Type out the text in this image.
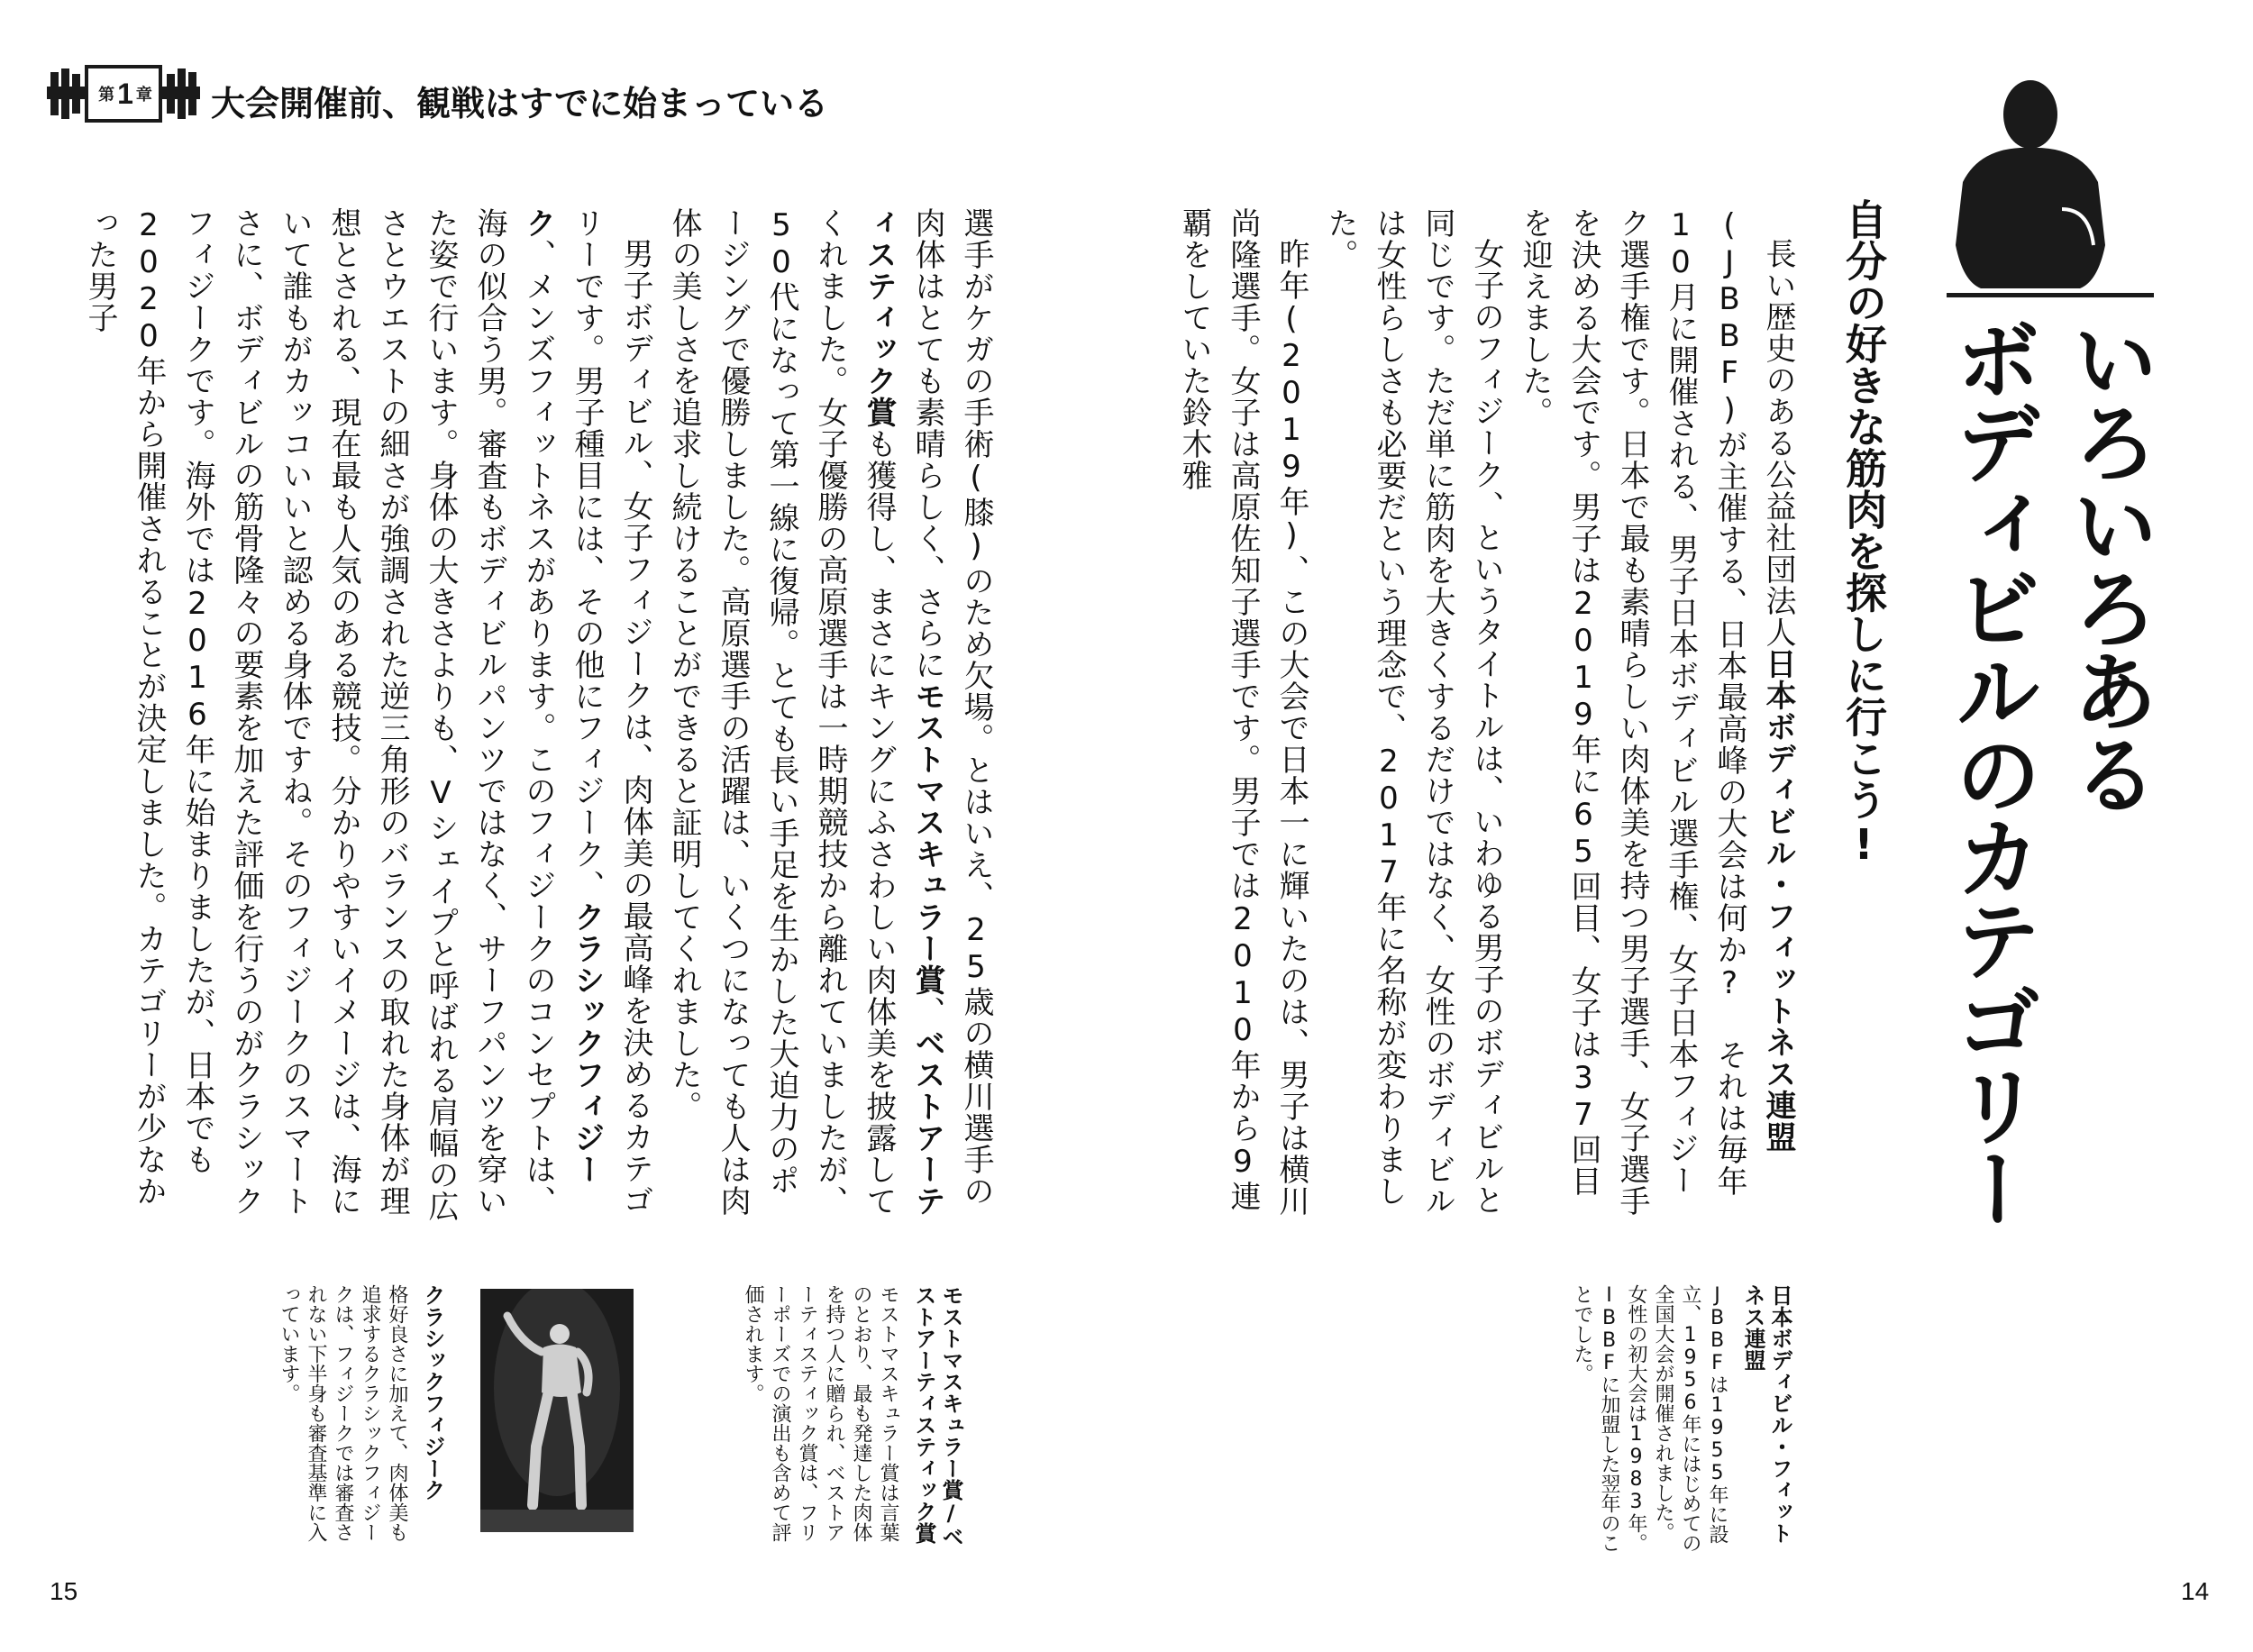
第 1 章 大会開催前、観戦はすでに始まっている
いろいろある
ボディビルのカテゴリー
自分の好きな筋肉を探しに行こう!

長い歴史のある公益社団法人日本ボディビル・フィットネス連盟(JBBF)が主催する、日本最高峰の大会は何か? それは毎年10月に開催される、男子日本ボディビル選手権、女子日本フィジーク選手権です。日本で最も素晴らしい肉体美を持つ男子選手、女子選手を決める大会です。男子は2019年に65回目、女子は37回目を迎えました。

女子のフィジーク、というタイトルは、いわゆる男子のボディビルと同じです。ただ単に筋肉を大きくするだけではなく、女性のボディビルは女性らしさも必要だという理念で、2017年に名称が変わりました。

昨年(2019年)、この大会で日本一に輝いたのは、男子は横川尚隆選手。女子は高原佐知子選手です。男子では2010年から9連覇をしていた鈴木雅

日本ボディビル・フィットネス連盟
JBBFは1955年に設立、1956年にはじめての全国大会が開催されました。女性の初大会は1983年。IBBFに加盟した翌年のことでした。
14

選手がケガの手術(膝)のため欠場。とはいえ、25歳の横川選手の肉体はとても素晴らしく、さらにモストマスキュラー賞、ベストアーティスティック賞も獲得し、まさにキングにふさわしい肉体美を披露してくれました。女子優勝の高原選手は一時期競技から離れていましたが、50代になって第一線に復帰。とても長い手足を生かした大迫力のポージングで優勝しました。高原選手の活躍は、いくつになっても人は肉体の美しさを追求し続けることができると証明してくれました。

男子ボディビル、女子フィジークは、肉体美の最高峰を決めるカテゴリーです。男子種目には、その他にフィジーク、クラシックフィジーク、メンズフィットネスがあります。このフィジークのコンセプトは、海の似合う男。審査もボディビルパンツではなく、サーフパンツを穿いた姿で行います。身体の大きさよりも、Vシェイプと呼ばれる肩幅の広さとウエストの細さが強調された逆三角形のバランスの取れた身体が理想とされる、現在最も人気のある競技。分かりやすいイメージは、海にいて誰もがカッコいいと認める身体ですね。そのフィジークのスマートさに、ボディビルの筋骨隆々の要素を加えた評価を行うのがクラシックフィジークです。海外では2016年に始まりましたが、日本でも2020年から開催されることが決定しました。カテゴリーが少なかった男子

モストマスキュラー賞/ベストアーティスティック賞
モストマスキュラー賞は言葉のとおり、最も発達した肉体を持つ人に贈られ、ベストアーティスティック賞は、フリーポーズでの演出も含めて評価されます。
クラシックフィジーク
格好良さに加えて、肉体美も追求するクラシックフィジークは、フィジークでは審査されない下半身も審査基準に入っています。
15
